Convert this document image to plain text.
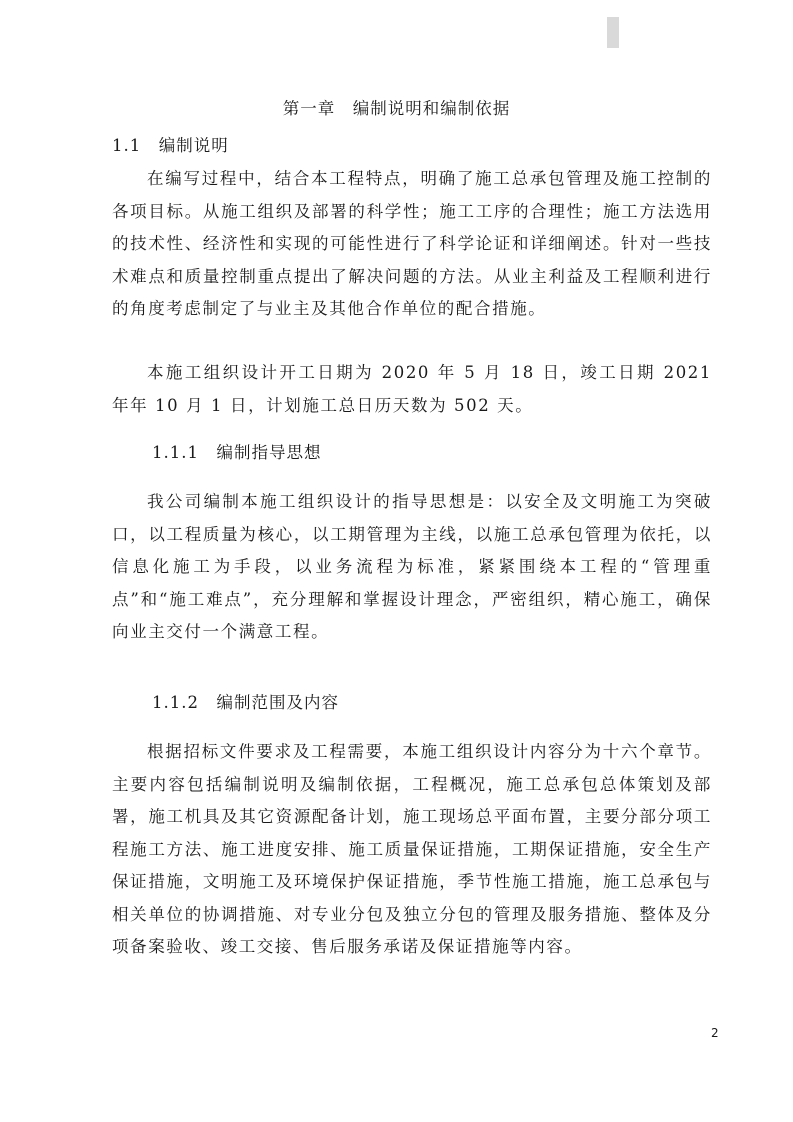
第一章　编制说明和编制依据
1.1  编制说明

在编写过程中，结合本工程特点，明确了施工总承包管理及施工控制的各项目标。从施工组织及部署的科学性；施工工序的合理性；施工方法选用的技术性、经济性和实现的可能性进行了科学论证和详细阐述。针对一些技术难点和质量控制重点提出了解决问题的方法。从业主利益及工程顺利进行的角度考虑制定了与业主及其他合作单位的配合措施。

本施工组织设计开工日期为 2020 年 5 月 18 日，竣工日期 2021 年年 10 月 1 日，计划施工总日历天数为 502 天。

1.1.1  编制指导思想

我公司编制本施工组织设计的指导思想是：以安全及文明施工为突破口，以工程质量为核心，以工期管理为主线，以施工总承包管理为依托，以信息化施工为手段，以业务流程为标准，紧紧围绕本工程的“管理重点”和“施工难点”，充分理解和掌握设计理念，严密组织，精心施工，确保向业主交付一个满意工程。

1.1.2  编制范围及内容

根据招标文件要求及工程需要，本施工组织设计内容分为十六个章节。主要内容包括编制说明及编制依据，工程概况，施工总承包总体策划及部署，施工机具及其它资源配备计划，施工现场总平面布置，主要分部分项工程施工方法、施工进度安排、施工质量保证措施，工期保证措施，安全生产保证措施，文明施工及环境保护保证措施，季节性施工措施，施工总承包与相关单位的协调措施、对专业分包及独立分包的管理及服务措施、整体及分项备案验收、竣工交接、售后服务承诺及保证措施等内容。

2
